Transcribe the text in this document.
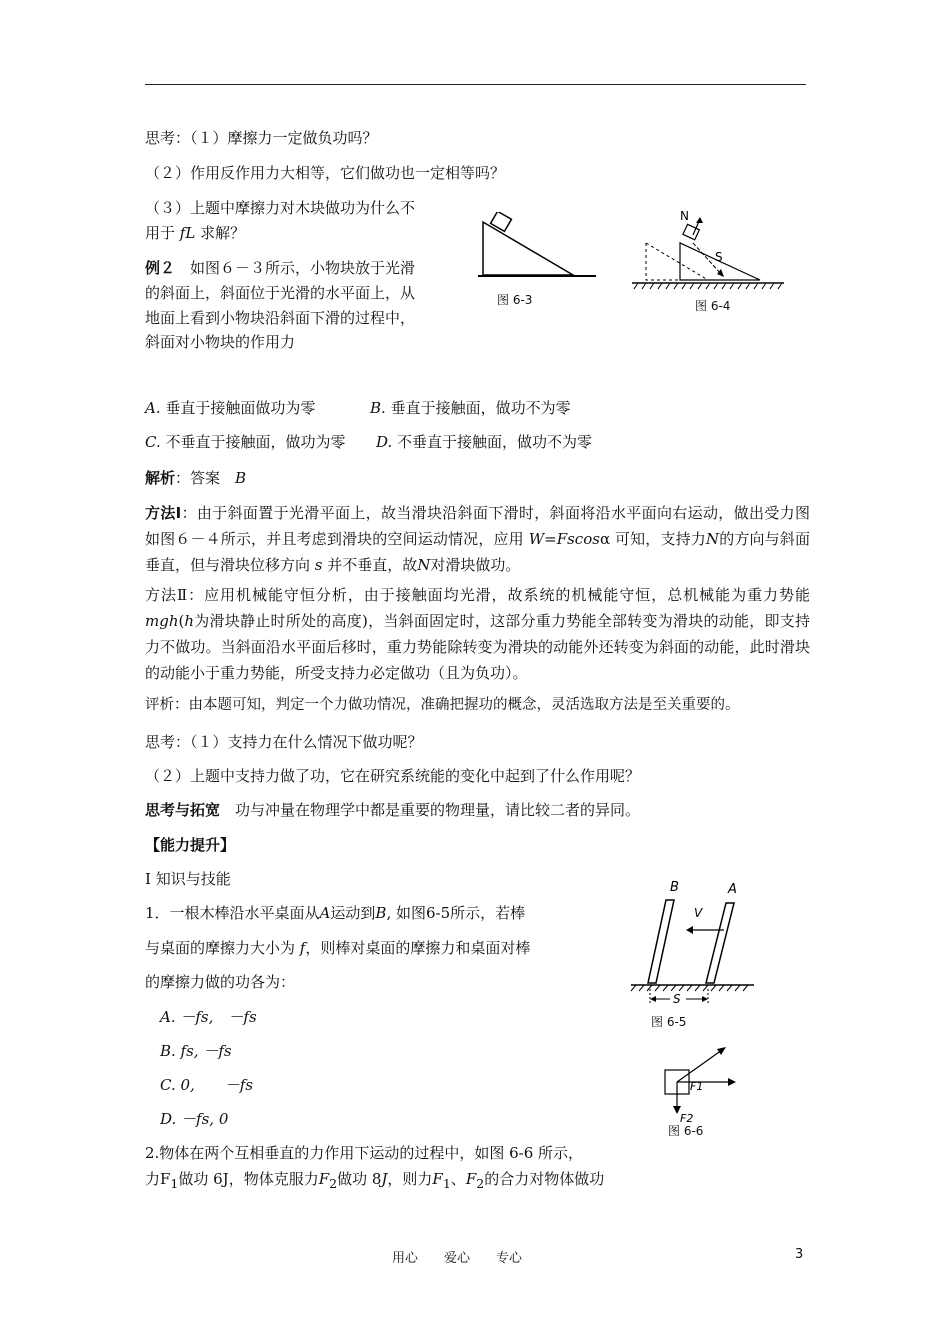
思考：（１）摩擦力一定做负功吗？
（２）作用反作用力大相等，它们做功也一定相等吗？
（３）上题中摩擦力对木块做功为什么不
用于 fL 求解？
例２　 如图６－３所示，小物块放于光滑
的斜面上，斜面位于光滑的水平面上，从
地面上看到小物块沿斜面下滑的过程中，
斜面对小物块的作用力
图 6-3
N
S
图 6-4
A. 垂直于接触面做功为零	B. 垂直于接触面，做功不为零
C. 不垂直于接触面，做功为零 D. 不垂直于接触面，做功不为零
解析：答案　 B
方法Ⅰ：由于斜面置于光滑平面上，故当滑块沿斜面下滑时，斜面将沿水平面向右运动，做出受力图如图６－４所示，并且考虑到滑块的空间运动情况，应用 W=Fscosα 可知，支持力N的方向与斜面垂直，但与滑块位移方向 s 并不垂直，故N对滑块做功。
方法Ⅱ：应用机械能守恒分析，由于接触面均光滑，故系统的机械能守恒，总机械能为重力势能mgh(h为滑块静止时所处的高度)，当斜面固定时，这部分重力势能全部转变为滑块的动能，即支持力不做功。当斜面沿水平面后移时，重力势能除转变为滑块的动能外还转变为斜面的动能，此时滑块的动能小于重力势能，所受支持力必定做功（且为负功）。
评析：由本题可知，判定一个力做功情况，准确把握功的概念，灵活选取方法是至关重要的。
思考：（１）支持力在什么情况下做功呢？
（２）上题中支持力做了功，它在研究系统能的变化中起到了什么作用呢？
思考与拓宽　 功与冲量在物理学中都是重要的物理量，请比较二者的异同。
【能力提升】
Ⅰ 知识与技能
1．一根木棒沿水平桌面从A运动到B, 如图6-5所示，若棒
与桌面的摩擦力大小为 f，则棒对桌面的摩擦力和桌面对棒
的摩擦力做的功各为：
A. －fs,　－fs
B. fs, －fs
C. 0,　　－fs
D. －fs, 0
B	A
V
S
图 6-5
F1
F2
图 6-6
2.物体在两个互相垂直的力作用下运动的过程中，如图 6-6 所示，
力$F_1$做功 6J，物体克服力$F_2$做功 8J，则力$F_1$、$F_2$的合力对物体做功
用心　　爱心　　专心	3
